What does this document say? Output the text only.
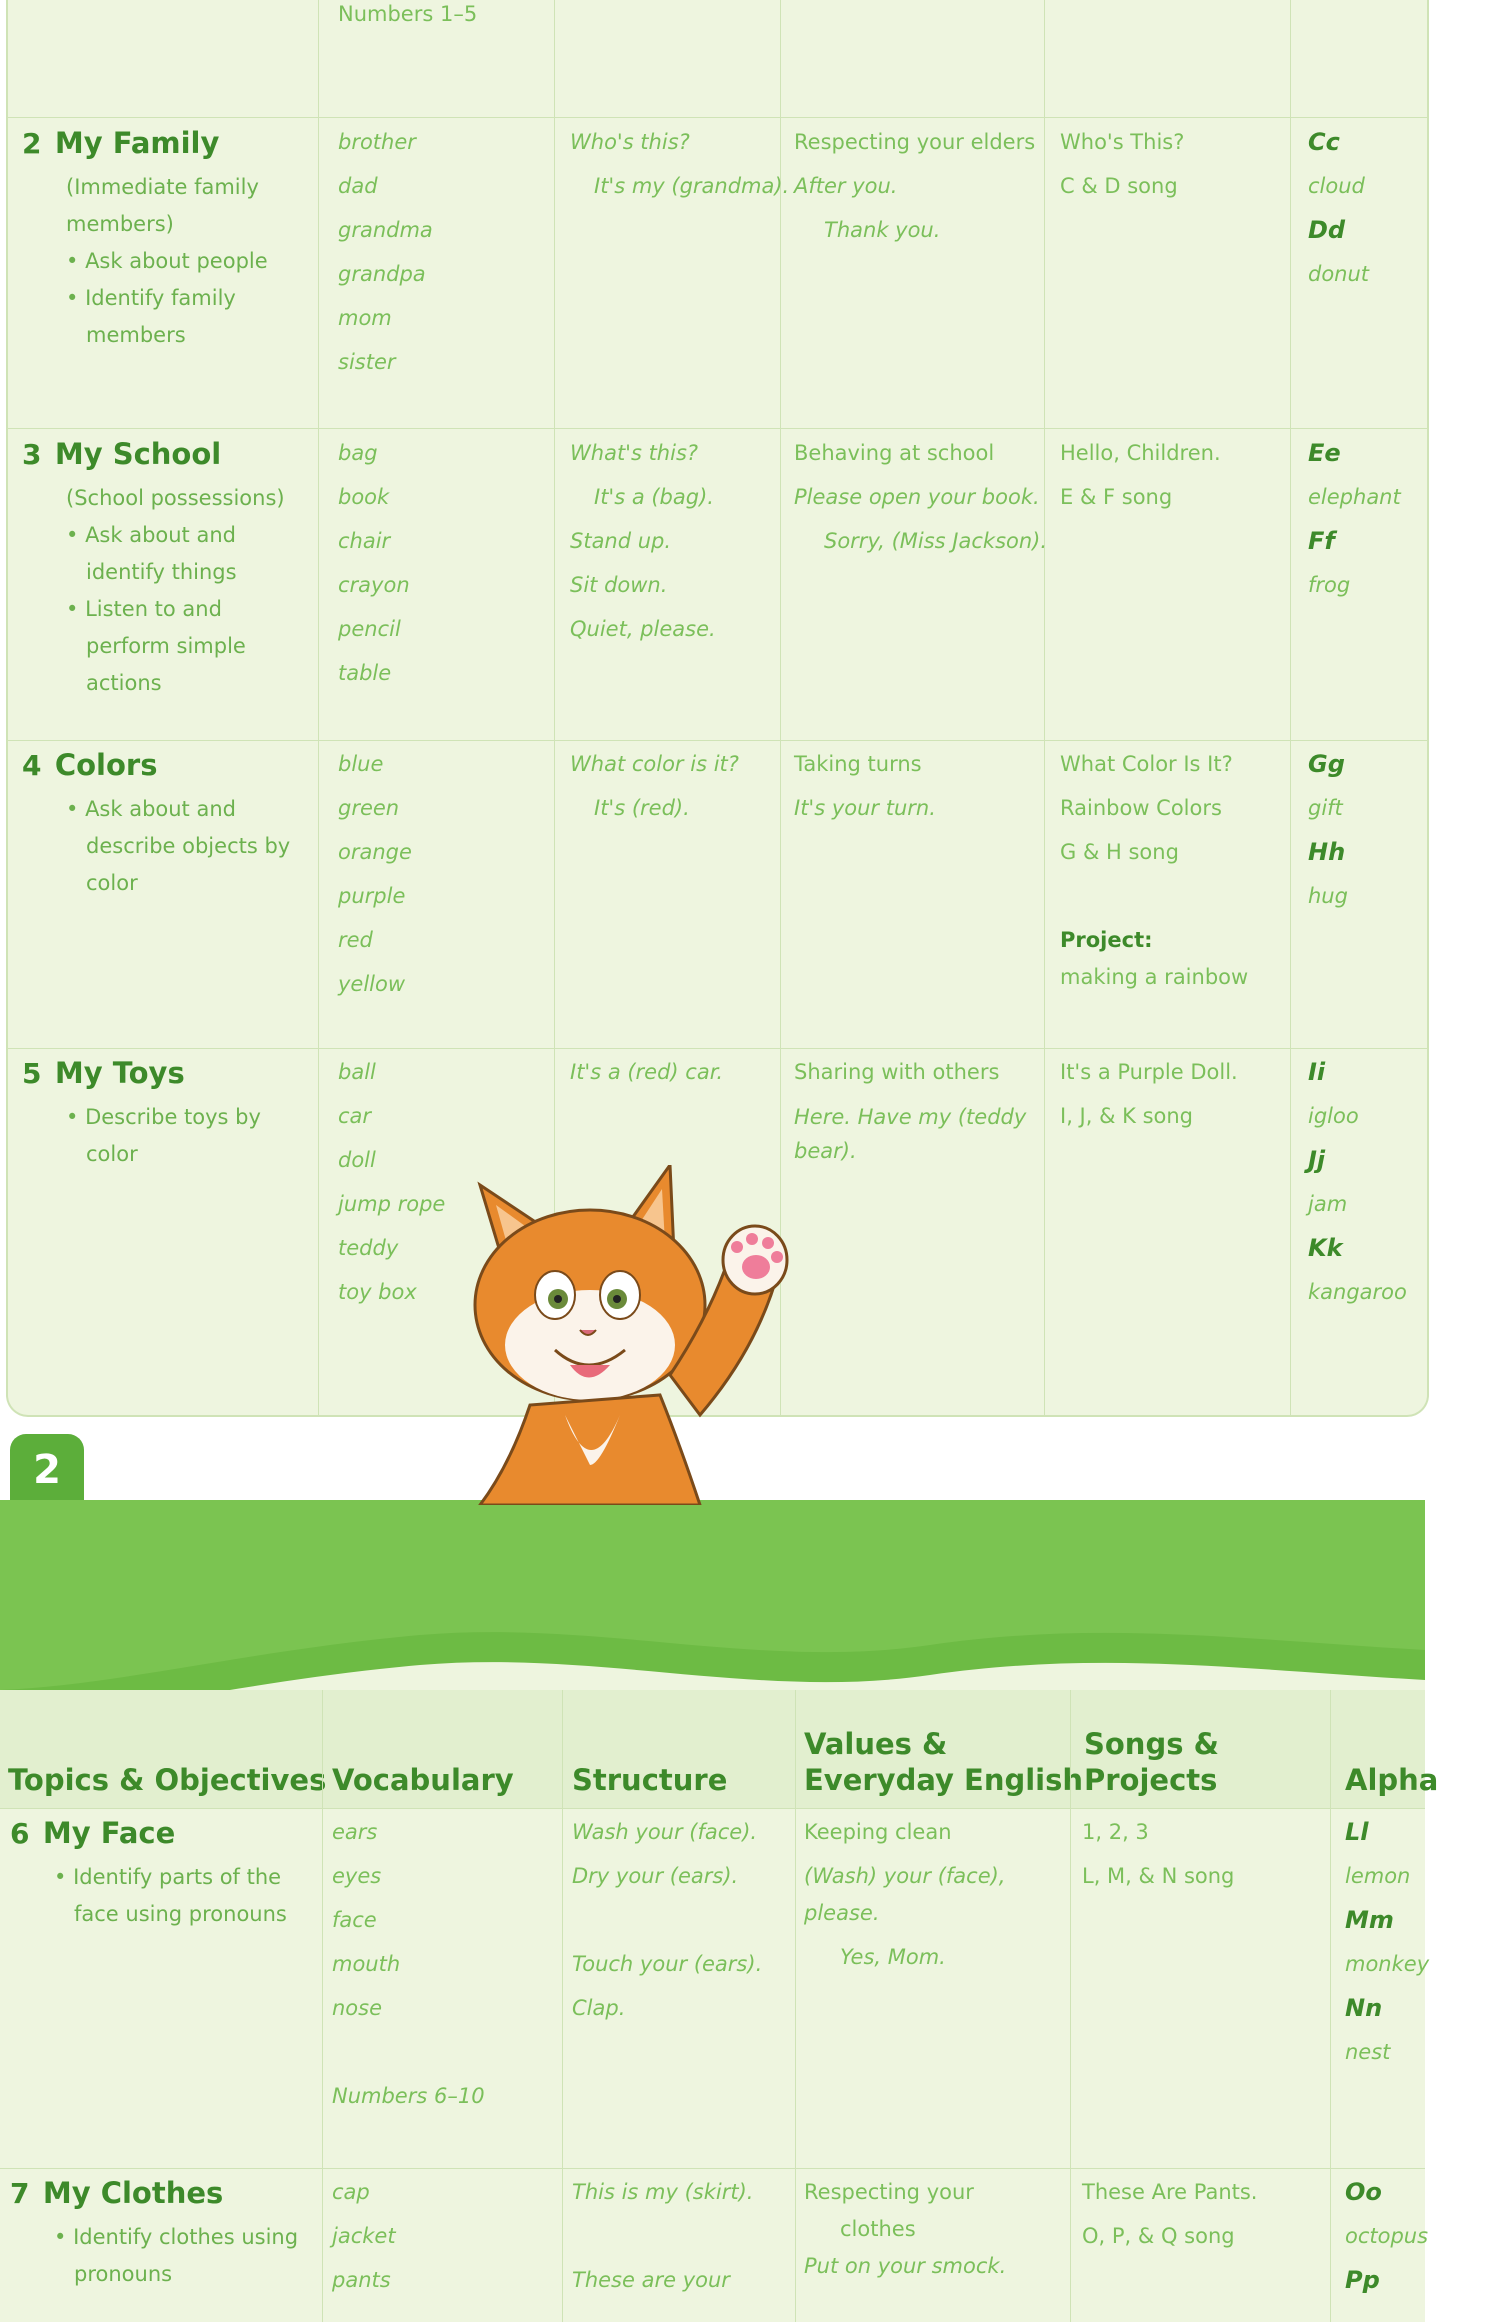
Numbers 1–5
2 My Family
(Immediate family members)
• Ask about people
• Identify family members
brother
dad
grandma
grandpa
mom
sister
Who's this?
It's my (grandma).
Respecting your elders
After you.
Thank you.
Who's This?
C & D song
Cc
cloud
Dd
donut
3 My School
(School possessions)
• Ask about and identify things
• Listen to and perform simple actions
bag
book
chair
crayon
pencil
table
What's this?
It's a (bag).
Stand up.
Sit down.
Quiet, please.
Behaving at school
Please open your book.
Sorry, (Miss Jackson).
Hello, Children.
E & F song
Ee
elephant
Ff
frog
4 Colors
• Ask about and describe objects by color
blue
green
orange
purple
red
yellow
What color is it?
It's (red).
Taking turns
It's your turn.
What Color Is It?
Rainbow Colors
G & H song
Project:
making a rainbow
Gg
gift
Hh
hug
5 My Toys
• Describe toys by color
ball
car
doll
jump rope
teddy
toy box
It's a (red) car.	Sharing with others
Here. Have my (teddy bear).
It's a Purple Doll.
I, J, & K song
Ii
igloo
Jj
jam
Kk
kangaroo
2
Topics & Objectives Vocabulary Structure
Values &
Everyday English
Songs &
Projects	Alpha
6 My Face
• Identify parts of the face using pronouns
ears
eyes
face
mouth
nose
Numbers 6–10
Wash your (face).
Dry your (ears).
Touch your (ears).
Clap.
Keeping clean
(Wash) your (face),
please.
Yes, Mom.
1, 2, 3
L, M, & N song
Ll
lemon
Mm
monkey
Nn
nest
7 My Clothes
• Identify clothes using pronouns
cap
jacket
pants
This is my (skirt).
These are your
Respecting your
clothes
Put on your smock.
These Are Pants.
O, P, & Q song
Oo
octopus
Pp
